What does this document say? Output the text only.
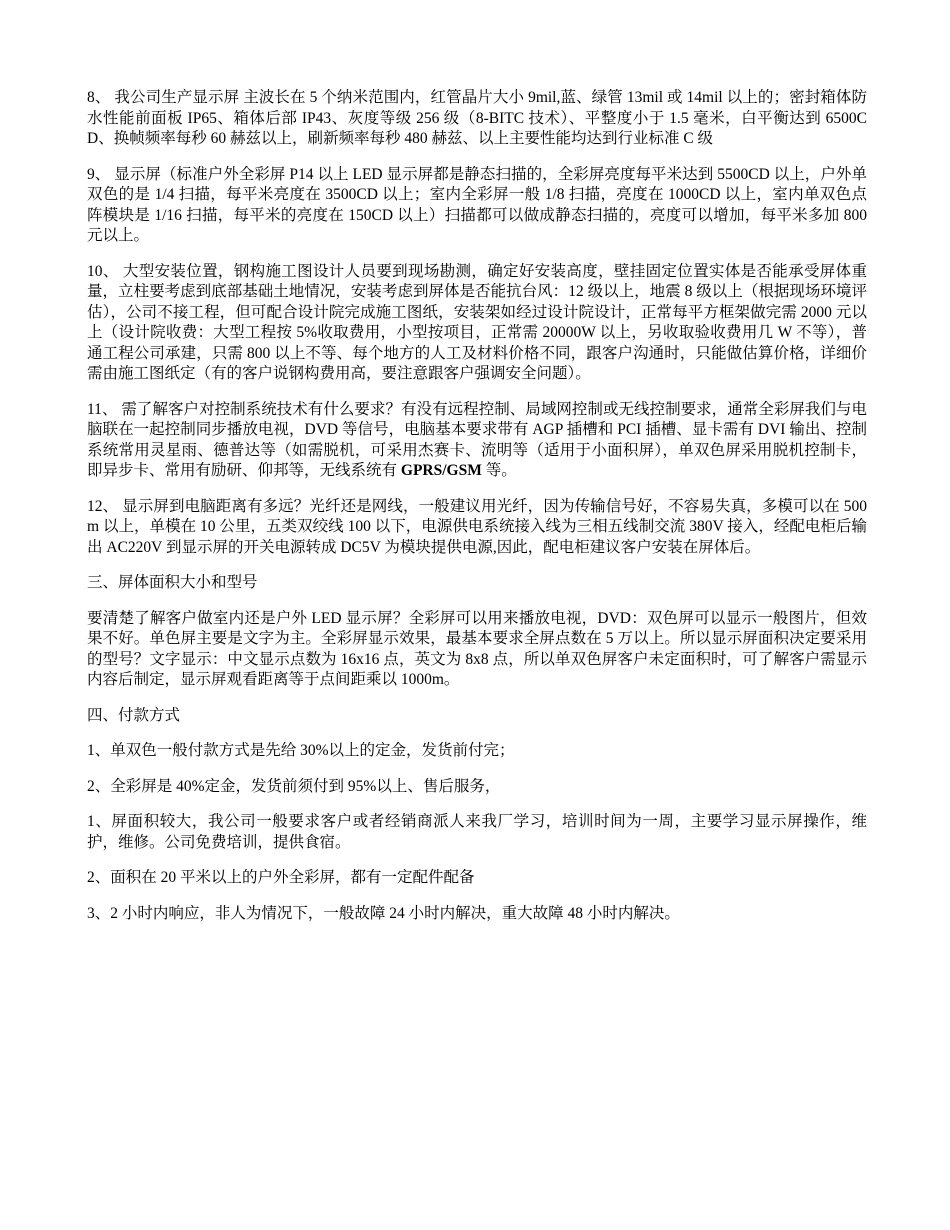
8、 我公司生产显示屏 主波长在 5 个纳米范围内，红管晶片大小 9mil,蓝、绿管 13mil 或 14mil 以上的；密封箱体防水性能前面板 IP65、箱体后部 IP43、灰度等级 256 级（8-BITC 技术）、平整度小于 1.5 毫米，白平衡达到 6500CD、换帧频率每秒 60 赫兹以上，刷新频率每秒 480 赫兹、以上主要性能均达到行业标准 C 级

9、 显示屏（标准户外全彩屏 P14 以上 LED 显示屏都是静态扫描的，全彩屏亮度每平米达到 5500CD 以上，户外单双色的是 1/4 扫描，每平米亮度在 3500CD 以上；室内全彩屏一般 1/8 扫描，亮度在 1000CD 以上，室内单双色点阵模块是 1/16 扫描，每平米的亮度在 150CD 以上）扫描都可以做成静态扫描的，亮度可以增加，每平米多加 800 元以上。

10、 大型安装位置，钢构施工图设计人员要到现场勘测，确定好安装高度，壁挂固定位置实体是否能承受屏体重量，立柱要考虑到底部基础土地情况，安装考虑到屏体是否能抗台风：12 级以上，地震 8 级以上（根据现场环境评估），公司不接工程，但可配合设计院完成施工图纸，安装架如经过设计院设计，正常每平方框架做完需 2000 元以上（设计院收费：大型工程按 5%收取费用，小型按项目，正常需 20000W 以上，另收取验收费用几 W 不等），普通工程公司承建，只需 800 以上不等、每个地方的人工及材料价格不同，跟客户沟通时，只能做估算价格，详细价需由施工图纸定（有的客户说钢构费用高，要注意跟客户强调安全问题）。

11、 需了解客户对控制系统技术有什么要求？有没有远程控制、局域网控制或无线控制要求，通常全彩屏我们与电脑联在一起控制同步播放电视，DVD 等信号，电脑基本要求带有 AGP 插槽和 PCI 插槽、显卡需有 DVI 输出、控制系统常用灵星雨、德普达等（如需脱机，可采用杰赛卡、流明等（适用于小面积屏），单双色屏采用脱机控制卡，即异步卡、常用有励研、仰邦等，无线系统有 GPRS/GSM 等。

12、 显示屏到电脑距离有多远？光纤还是网线，一般建议用光纤，因为传输信号好，不容易失真，多模可以在 500m 以上，单模在 10 公里，五类双绞线 100 以下，电源供电系统接入线为三相五线制交流 380V 接入，经配电柜后输出 AC220V 到显示屏的开关电源转成 DC5V 为模块提供电源,因此，配电柜建议客户安装在屏体后。

三、屏体面积大小和型号

要清楚了解客户做室内还是户外 LED 显示屏？全彩屏可以用来播放电视，DVD：双色屏可以显示一般图片，但效果不好。单色屏主要是文字为主。全彩屏显示效果，最基本要求全屏点数在 5 万以上。所以显示屏面积决定要采用的型号？文字显示：中文显示点数为 16x16 点，英文为 8x8 点，所以单双色屏客户未定面积时，可了解客户需显示内容后制定，显示屏观看距离等于点间距乘以 1000m。

四、付款方式

1、单双色一般付款方式是先给 30%以上的定金，发货前付完；

2、全彩屏是 40%定金，发货前须付到 95%以上、售后服务，

1、屏面积较大，我公司一般要求客户或者经销商派人来我厂学习，培训时间为一周，主要学习显示屏操作，维护，维修。公司免费培训，提供食宿。

2、面积在 20 平米以上的户外全彩屏，都有一定配件配备

3、2 小时内响应，非人为情况下，一般故障 24 小时内解决，重大故障 48 小时内解决。
